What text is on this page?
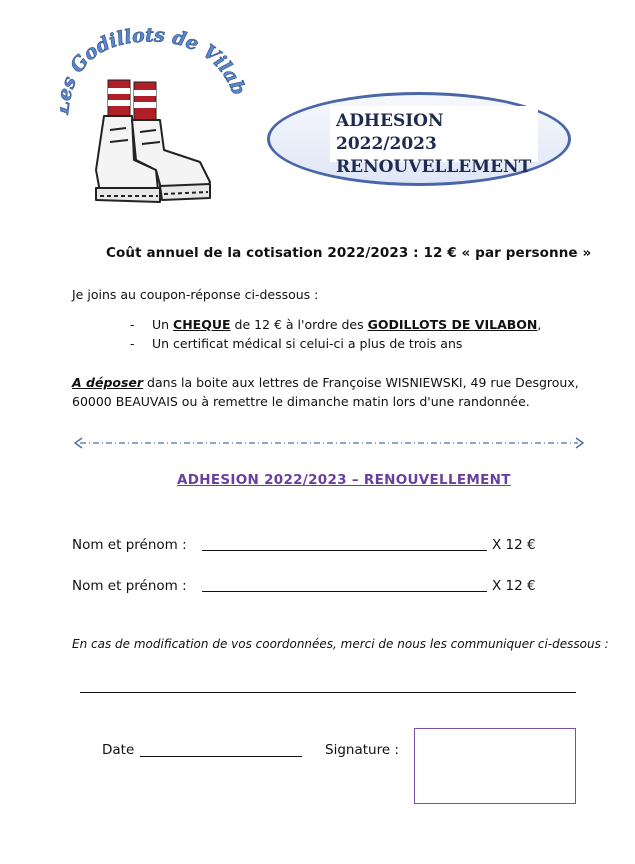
Godillots de Vilab
ADHESION 2022/2023
RENOUVELLEMENT
Coût annuel de la cotisation 2022/2023 : 12 € « par personne »
Je joins au coupon-réponse ci-dessous :
- Un CHEQUE de 12 € à l'ordre des GODILLOTS DE VILABON,
- Un certificat médical si celui-ci a plus de trois ans
A déposer dans la boite aux lettres de Françoise WISNIEWSKI, 49 rue Desgroux, 60000 BEAUVAIS ou à remettre le dimanche matin lors d'une randonnée.
ADHESION 2022/2023 – RENOUVELLEMENT
Nom et prénom :	X 12 €
Nom et prénom :	X 12 €
En cas de modification de vos coordonnées, merci de nous les communiquer ci-dessous :
Date	Signature :
